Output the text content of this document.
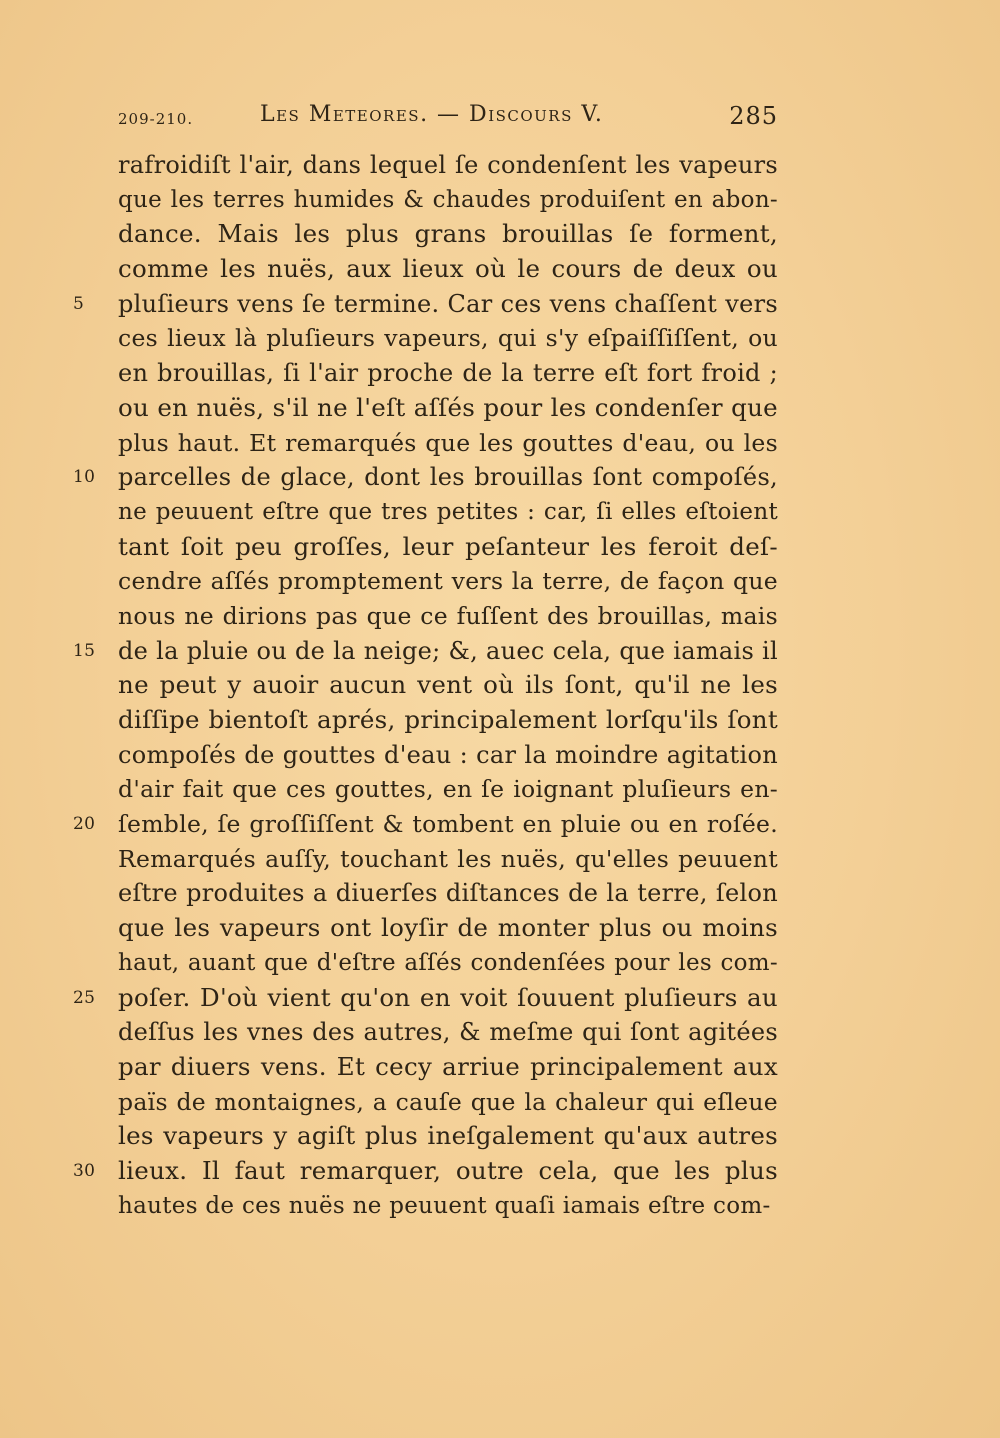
209-210.	Les Meteores. — Discours V.	285
rafroidiſt l'air, dans lequel ſe condenſent les vapeurs
que les terres humides & chaudes produiſent en abon-
dance. Mais les plus grans brouillas ſe forment,
comme les nuës, aux lieux où le cours de deux ou
5	pluſieurs vens ſe termine. Car ces vens chaſſent vers
ces lieux là pluſieurs vapeurs, qui s'y eſpaiſſiſſent, ou
en brouillas, ſi l'air proche de la terre eſt fort froid ;
ou en nuës, s'il ne l'eſt aſſés pour les condenſer que
plus haut. Et remarqués que les gouttes d'eau, ou les
10 parcelles de glace, dont les brouillas ſont compoſés,
ne peuuent eſtre que tres petites : car, ſi elles eſtoient
tant ſoit peu groſſes, leur peſanteur les feroit deſ-
cendre aſſés promptement vers la terre, de façon que
nous ne dirions pas que ce fuſſent des brouillas, mais
15 de la pluie ou de la neige; &, auec cela, que iamais il
ne peut y auoir aucun vent où ils ſont, qu'il ne les
diſſipe bientoſt aprés, principalement lorſqu'ils ſont
compoſés de gouttes d'eau : car la moindre agitation
d'air fait que ces gouttes, en ſe ioignant pluſieurs en-
20 ſemble, ſe groſſiſſent & tombent en pluie ou en roſée.
Remarqués auſſy, touchant les nuës, qu'elles peuuent
eſtre produites a diuerſes diſtances de la terre, ſelon
que les vapeurs ont loyſir de monter plus ou moins
haut, auant que d'eſtre aſſés condenſées pour les com-
25 poſer. D'où vient qu'on en voit ſouuent pluſieurs au
deſſus les vnes des autres, & meſme qui ſont agitées
par diuers vens. Et cecy arriue principalement aux
païs de montaignes, a cauſe que la chaleur qui eſleue
les vapeurs y agiſt plus ineſgalement qu'aux autres
30 lieux. Il faut remarquer, outre cela, que les plus
hautes de ces nuës ne peuuent quaſi iamais eſtre com-
